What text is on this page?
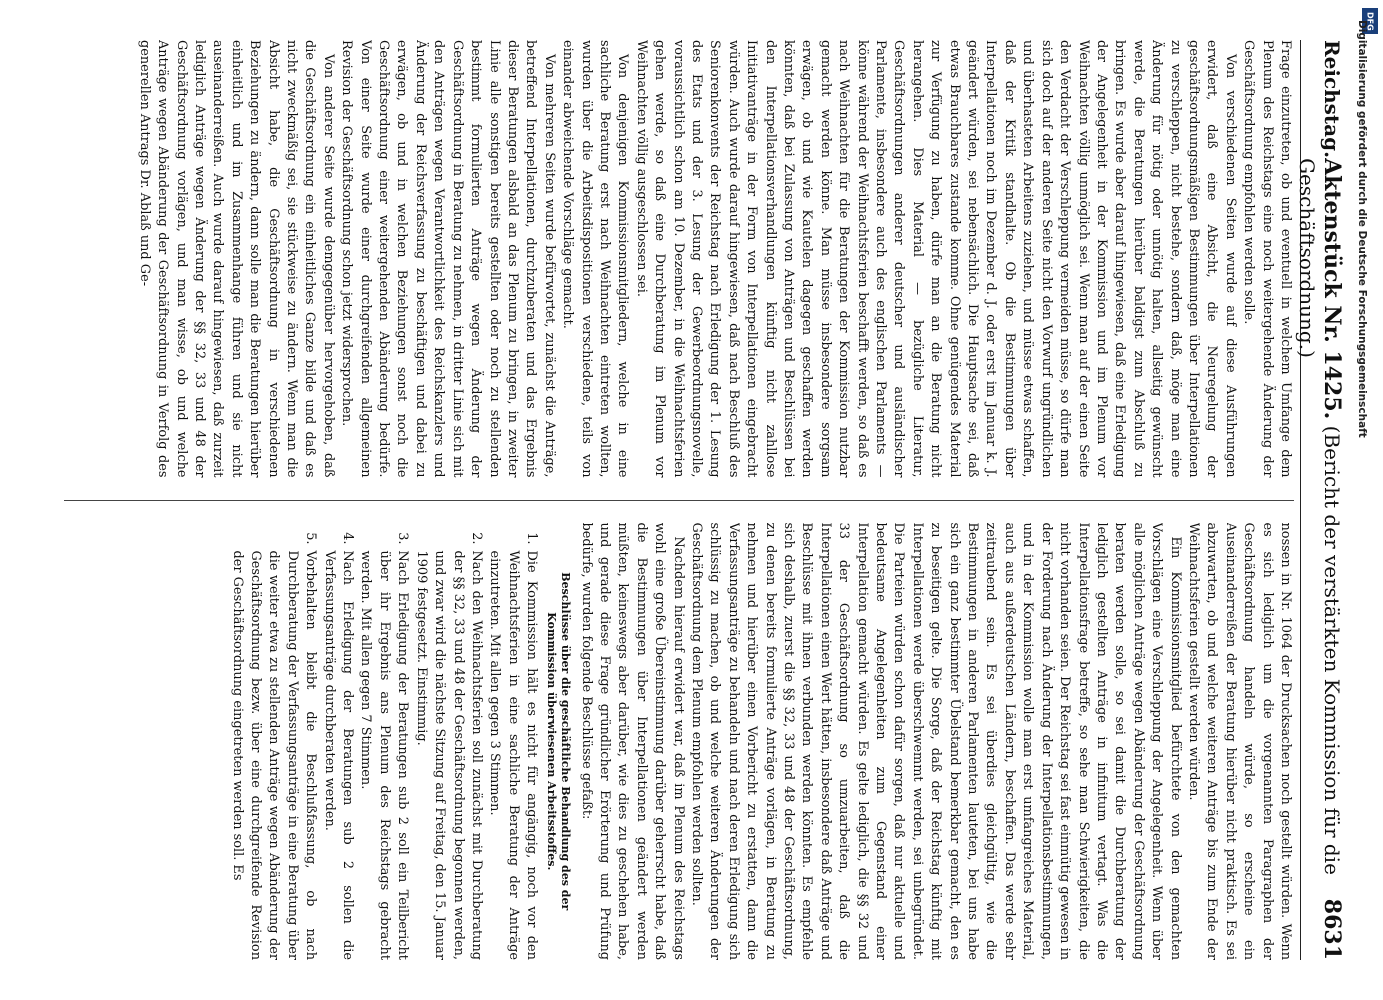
Reichstag.
Aktenstück Nr. 1425. (Bericht der verstärkten Kommission für die Geschäftsordnung.)
8631

Frage einzutreten, ob und eventuell in welchem Umfange dem Plenum des Reichstags eine noch weitergehende Änderung der Geschäftsordnung empfohlen werden solle.

Von verschiedenen Seiten wurde auf diese Ausführungen erwidert, daß eine Absicht, die Neuregelung der geschäftsordnungsmäßigen Bestimmungen über Interpellationen zu verschleppen, nicht bestehe, sondern daß, möge man eine Änderung für nötig oder unnötig halten, allseitig gewünscht werde, die Beratungen hierüber baldigst zum Abschluß zu bringen. Es wurde aber darauf hingewiesen, daß eine Erledigung der Angelegenheit in der Kommission und im Plenum vor Weihnachten völlig unmöglich sei. Wenn man auf der einen Seite den Verdacht der Verschleppung vermeiden müsse, so dürfe man sich doch auf der anderen Seite nicht den Vorwurf ungründlichen und überhasteten Arbeitens zuziehen, und müsse etwas schaffen, daß der Kritik standhalte. Ob die Bestimmungen über Interpellationen noch im Dezember d. J. oder erst im Januar k. J. geändert würden, sei nebensächlich. Die Hauptsache sei, daß etwas Brauchbares zustande komme. Ohne genügendes Material zur Verfügung zu haben, dürfe man an die Beratung nicht herangehen. Dies Material — bezügliche Literatur, Geschäftsordnungen anderer deutscher und ausländischer Parlamente, insbesondere auch des englischen Parlaments — könne während der Weihnachtsferien beschafft werden, so daß es nach Weihnachten für die Beratungen der Kommission nutzbar gemacht werden könne. Man müsse insbesondere sorgsam erwägen, ob und wie Kautelen dagegen geschaffen werden könnten, daß bei Zulassung von Anträgen und Beschlüssen bei den Interpellationsverhandlungen künftig nicht zahllose Initiativanträge in der Form von Interpellationen eingebracht würden. Auch wurde darauf hingewiesen, daß nach Beschluß des Seniorenkonvents der Reichstag nach Erledigung der 1. Lesung des Etats und der 3. Lesung der Gewerbeordnungsnovelle, voraussichtlich schon am 10. Dezember, in die Weihnachtsferien gehen werde, so daß eine Durchberatung im Plenum vor Weihnachten völlig ausgeschlossen sei.

Von denjenigen Kommissionsmitgliedern, welche in eine sachliche Beratung erst nach Weihnachten eintreten wollten, wurden über die Arbeitsdispositionen verschiedene, teils von einander abweichende Vorschläge gemacht.

Von mehreren Seiten wurde befürwortet, zunächst die Anträge, betreffend Interpellationen, durchzuberaten und das Ergebnis dieser Beratungen alsbald an das Plenum zu bringen, in zweiter Linie alle sonstigen bereits gestellten oder noch zu stellenden bestimmt formulierten Anträge wegen Änderung der Geschäftsordnung in Beratung zu nehmen, in dritter Linie sich mit den Anträgen wegen Verantwortlichkeit des Reichskanzlers und Änderung der Reichsverfassung zu beschäftigen und dabei zu erwägen, ob und in welchen Beziehungen sonst noch die Geschäftsordnung einer weitergehenden Abänderung bedürfe. Von einer Seite wurde einer durchgreifenden allgemeinen Revision der Geschäftsordnung schon jetzt widersprochen.

Von anderer Seite wurde demgegenüber hervorgehoben, daß die Geschäftsordnung ein einheitliches Ganze bilde und daß es nicht zweckmäßig sei, sie stückweise zu ändern. Wenn man die Absicht habe, die Geschäftsordnung in verschiedenen Beziehungen zu ändern, dann solle man die Beratungen hierüber einheitlich und im Zusammenhange führen und sie nicht auseinanderreißen. Auch wurde darauf hingewiesen, daß zurzeit lediglich Anträge wegen Änderung der §§ 32, 33 und 48 der Geschäftsordnung vorlägen, und man wisse, ob und welche Anträge wegen Abänderung der Geschäftsordnung in Verfolg des generellen Antrags Dr. Ablaß und Ge-

nossen in Nr. 1064 der Drucksachen noch gestellt würden. Wenn es sich lediglich um die vorgenannten Paragraphen der Geschäftsordnung handeln würde, so erscheine ein Auseinanderreißen der Beratung hierüber nicht praktisch. Es sei abzuwarten, ob und welche weiteren Anträge bis zum Ende der Weihnachtsferien gestellt werden würden.

Ein Kommissionsmitglied befürchtete von den gemachten Vorschlägen eine Verschleppung der Angelegenheit. Wenn über alle möglichen Anträge wegen Abänderung der Geschäftsordnung beraten werden solle, so sei damit die Durchberatung der lediglich gestellten Anträge in infinitum vertagt. Was die Interpellationsfrage betreffe, so sehe man Schwierigkeiten, die nicht vorhanden seien. Der Reichstag sei fast einmütig gewesen in der Forderung nach Änderung der Interpellationsbestimmungen, und in der Kommission wolle man erst umfangreiches Material, auch aus außerdeutschen Ländern, beschaffen. Das werde sehr zeitraubend sein. Es sei überdies gleichgültig, wie die Bestimmungen in anderen Parlamenten lauteten, bei uns habe sich ein ganz bestimmter Übelstand bemerkbar gemacht, den es zu beseitigen gelte. Die Sorge, daß der Reichstag künftig mit Interpellationen werde überschwemmt werden, sei unbegründet. Die Parteien würden schon dafür sorgen, daß nur aktuelle und bedeutsame Angelegenheiten zum Gegenstand einer Interpellation gemacht würden. Es gelte lediglich, die §§ 32 und 33 der Geschäftsordnung so umzuarbeiten, daß die Interpellationen einen Wert hätten, insbesondere daß Anträge und Beschlüsse mit ihnen verbunden werden könnten. Es empfehle sich deshalb, zuerst die §§ 32, 33 und 48 der Geschäftsordnung, zu denen bereits formulierte Anträge vorlägen, in Beratung zu nehmen und hierüber einen Vorbericht zu erstatten, dann die Verfassungsanträge zu behandeln und nach deren Erledigung sich schlüssig zu machen, ob und welche weiteren Änderungen der Geschäftsordnung dem Plenum empfohlen werden sollten.

Nachdem hierauf erwidert war, daß im Plenum des Reichstags wohl eine große Übereinstimmung darüber geherrscht habe, daß die Bestimmungen über Interpellationen geändert werden müßten, keineswegs aber darüber, wie dies zu geschehen habe, und gerade diese Frage gründlicher Erörterung und Prüfung bedürfe, wurden folgende Beschlüsse gefaßt:

Beschlüsse über die geschäftliche Behandlung des der Kommission überwiesenen Arbeitsstoffes.
1.
Die Kommission hält es nicht für angängig, noch vor den Weihnachtsferien in eine sachliche Beratung der Anträge einzutreten. Mit allen gegen 3 Stimmen.
2.
Nach den Weihnachtsferien soll zunächst mit Durchberatung der §§ 32, 33 und 48 der Geschäftsordnung begonnen werden, und zwar wird die nächste Sitzung auf Freitag, den 15. Januar 1909 festgesetzt. Einstimmig.
3.
Nach Erledigung der Beratungen sub 2 soll ein Teilbericht über ihr Ergebnis ans Plenum des Reichstags gebracht werden. Mit allen gegen 7 Stimmen.
4.
Nach Erledigung der Beratungen sub 2 sollen die Verfassungsanträge durchberaten werden.
5.
Vorbehalten bleibt die Beschlußfassung, ob nach Durchberatung der Verfassungsanträge in eine Beratung über die weiter etwa zu stellenden Anträge wegen Abänderung der Geschäftsordnung bezw. über eine durchgreifende Revision der Geschäftsordnung eingetreten werden soll. Es
DFG
Digitalisierung gefördert durch die Deutsche Forschungsgemeinschaft
